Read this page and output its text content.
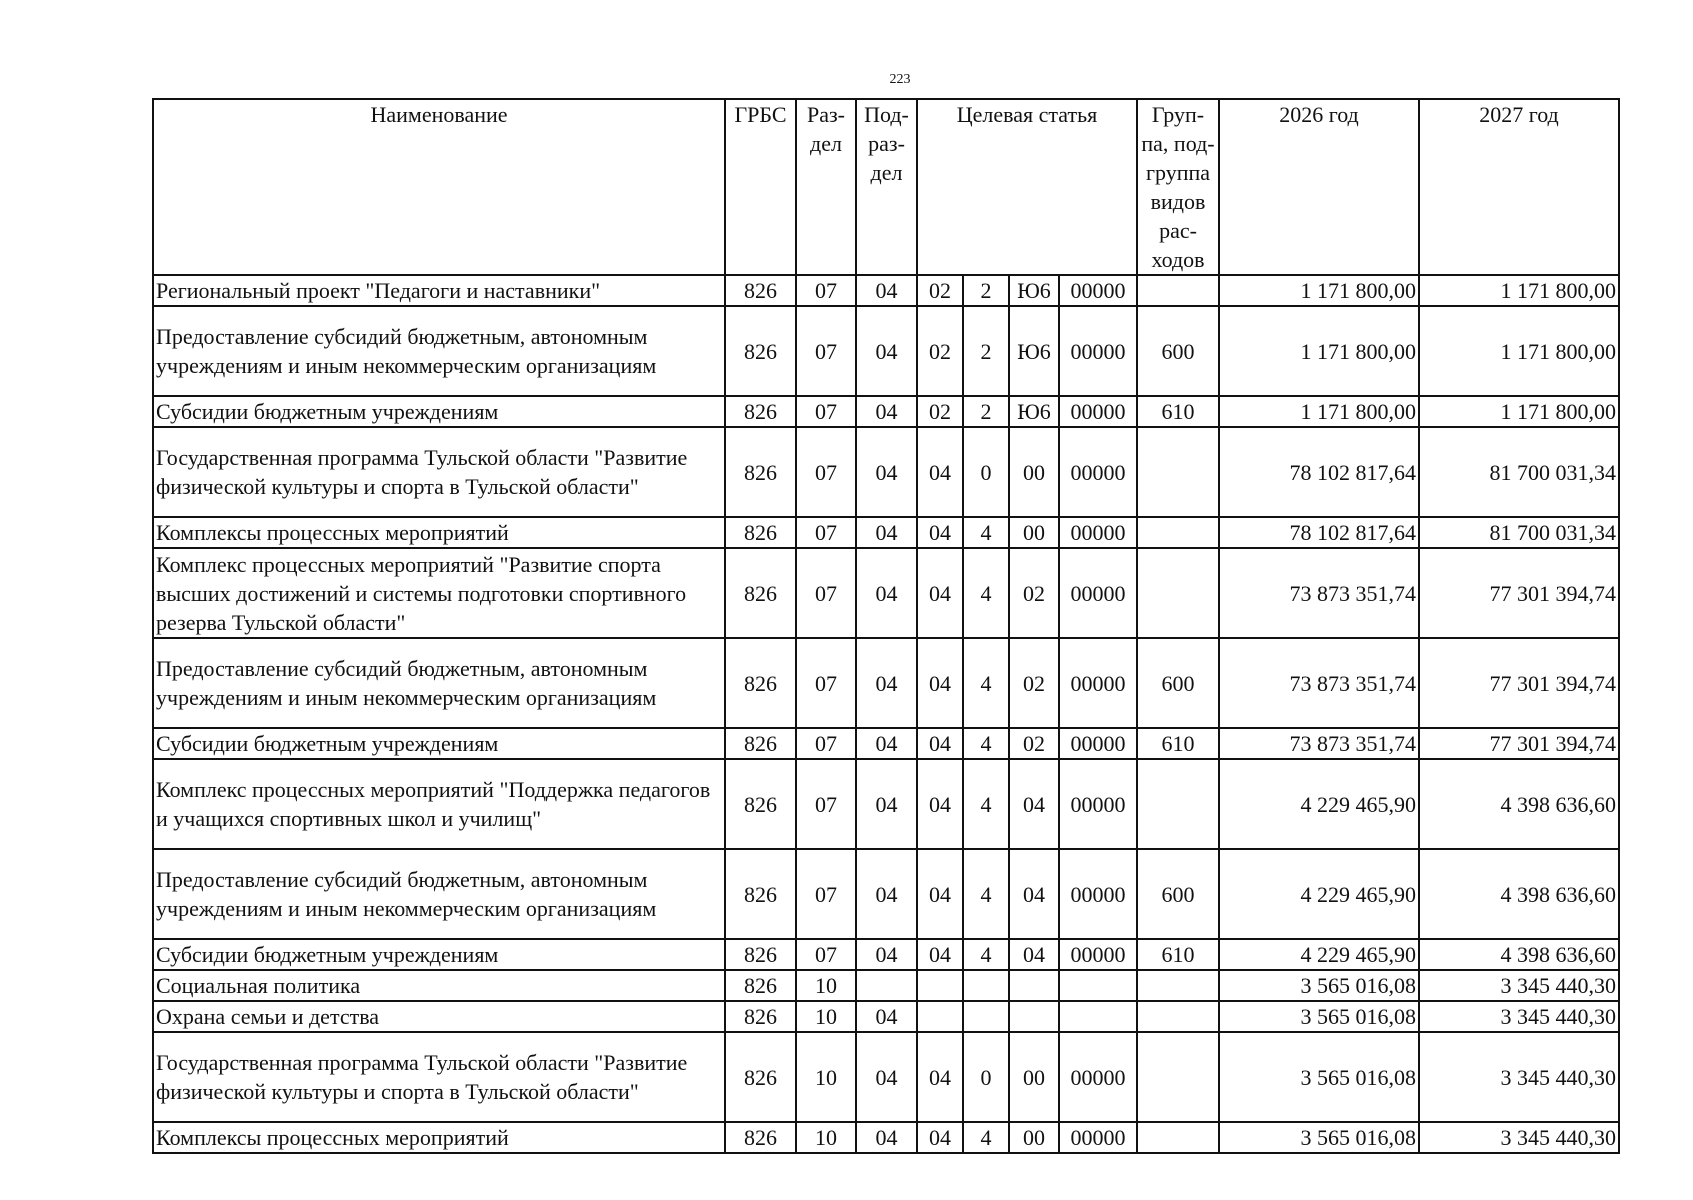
223
Наименование	ГРБС	Раз-дел	Под-раз-дел	Целевая статья				Груп-па, под-группа видов рас-ходов	2026 год	2027 год
Региональный проект "Педагоги и наставники"	826	07	04	02	2	Ю6	00000		1 171 800,00	1 171 800,00
Предоставление субсидий бюджетным, автономным учреждениям и иным некоммерческим организациям	826	07	04	02	2	Ю6	00000	600	1 171 800,00	1 171 800,00
Субсидии бюджетным учреждениям	826	07	04	02	2	Ю6	00000	610	1 171 800,00	1 171 800,00
Государственная программа Тульской области "Развитие физической культуры и спорта в Тульской области"	826	07	04	04	0	00	00000		78 102 817,64	81 700 031,34
Комплексы процессных мероприятий	826	07	04	04	4	00	00000		78 102 817,64	81 700 031,34
Комплекс процессных мероприятий "Развитие спорта высших достижений и системы подготовки спортивного резерва Тульской области"	826	07	04	04	4	02	00000		73 873 351,74	77 301 394,74
Предоставление субсидий бюджетным, автономным учреждениям и иным некоммерческим организациям	826	07	04	04	4	02	00000	600	73 873 351,74	77 301 394,74
Субсидии бюджетным учреждениям	826	07	04	04	4	02	00000	610	73 873 351,74	77 301 394,74
Комплекс процессных мероприятий "Поддержка педагогов и учащихся спортивных школ и училищ"	826	07	04	04	4	04	00000		4 229 465,90	4 398 636,60
Предоставление субсидий бюджетным, автономным учреждениям и иным некоммерческим организациям	826	07	04	04	4	04	00000	600	4 229 465,90	4 398 636,60
Субсидии бюджетным учреждениям	826	07	04	04	4	04	00000	610	4 229 465,90	4 398 636,60
Социальная политика	826	10							3 565 016,08	3 345 440,30
Охрана семьи и детства	826	10	04						3 565 016,08	3 345 440,30
Государственная программа Тульской области "Развитие физической культуры и спорта в Тульской области"	826	10	04	04	0	00	00000		3 565 016,08	3 345 440,30
Комплексы процессных мероприятий	826	10	04	04	4	00	00000		3 565 016,08	3 345 440,30
